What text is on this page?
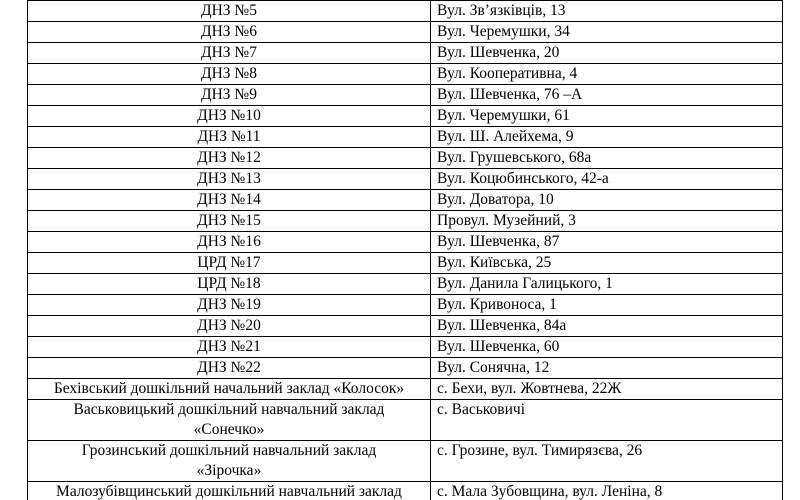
ДНЗ №5	Вул. Зв’язківців, 13
ДНЗ №6	Вул. Черемушки, 34
ДНЗ №7	Вул. Шевченка, 20
ДНЗ №8	Вул. Кооперативна, 4
ДНЗ №9	Вул. Шевченка, 76 –А
ДНЗ №10	Вул. Черемушки, 61
ДНЗ №11	Вул. Ш. Алейхема, 9
ДНЗ №12	Вул. Грушевського, 68а
ДНЗ №13	Вул. Коцюбинського, 42-а
ДНЗ №14	Вул. Доватора, 10
ДНЗ №15	Провул. Музейний, 3
ДНЗ №16	Вул. Шевченка, 87
ЦРД №17	Вул. Київська, 25
ЦРД №18	Вул. Данила Галицького, 1
ДНЗ №19	Вул. Кривоноса, 1
ДНЗ №20	Вул. Шевченка, 84а
ДНЗ №21	Вул. Шевченка, 60
ДНЗ №22	Вул. Сонячна, 12
Бехівський дошкільний начальний заклад «Колосок»	с. Бехи, вул. Жовтнева, 22Ж
Васьковицький дошкільний навчальний заклад
«Сонечко»	с. Васьковичі
Грозинський дошкільний навчальний заклад
«Зірочка»	с. Грозине, вул. Тимирязєва, 26
Малозубівщинський дошкільний навчальний заклад	с. Мала Зубовщина, вул. Леніна, 8
